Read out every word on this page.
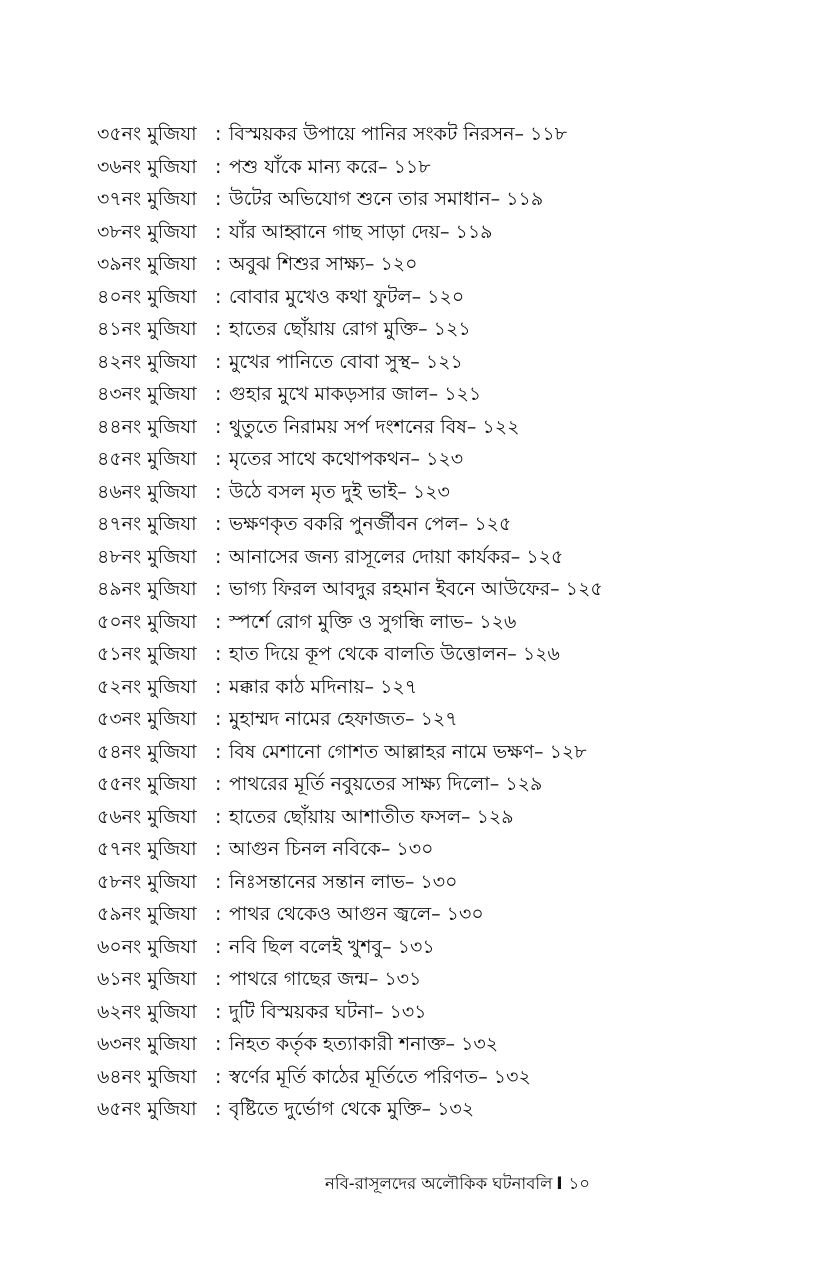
৩৫নং মুজিযা : বিস্ময়কর উপায়ে পানির সংকট নিরসন– ১১৮
৩৬নং মুজিযা : পশু যাঁকে মান্য করে– ১১৮
৩৭নং মুজিযা : উটের অভিযোগ শুনে তার সমাধান– ১১৯
৩৮নং মুজিযা : যাঁর আহ্বানে গাছ সাড়া দেয়– ১১৯
৩৯নং মুজিযা : অবুঝ শিশুর সাক্ষ্য– ১২০
৪০নং মুজিযা : বোবার মুখেও কথা ফুটল– ১২০
৪১নং মুজিযা : হাতের ছোঁয়ায় রোগ মুক্তি– ১২১
৪২নং মুজিযা : মুখের পানিতে বোবা সুস্থ– ১২১
৪৩নং মুজিযা : গুহার মুখে মাকড়সার জাল– ১২১
৪৪নং মুজিযা : থুতুতে নিরাময় সর্প দংশনের বিষ– ১২২
৪৫নং মুজিযা : মৃতের সাথে কথোপকথন– ১২৩
৪৬নং মুজিযা : উঠে বসল মৃত দুই ভাই– ১২৩
৪৭নং মুজিযা : ভক্ষণকৃত বকরি পুনর্জীবন পেল– ১২৫
৪৮নং মুজিযা : আনাসের জন্য রাসূলের দোয়া কার্যকর– ১২৫
৪৯নং মুজিযা : ভাগ্য ফিরল আবদুর রহমান ইবনে আউফের– ১২৫
৫০নং মুজিযা : স্পর্শে রোগ মুক্তি ও সুগন্ধি লাভ– ১২৬
৫১নং মুজিযা : হাত দিয়ে কূপ থেকে বালতি উত্তোলন– ১২৬
৫২নং মুজিযা : মক্কার কাঠ মদিনায়– ১২৭
৫৩নং মুজিযা : মুহাম্মদ নামের হেফাজত– ১২৭
৫৪নং মুজিযা : বিষ মেশানো গোশত আল্লাহর নামে ভক্ষণ– ১২৮
৫৫নং মুজিযা : পাথরের মূর্তি নবুয়তের সাক্ষ্য দিলো– ১২৯
৫৬নং মুজিযা : হাতের ছোঁয়ায় আশাতীত ফসল– ১২৯
৫৭নং মুজিযা : আগুন চিনল নবিকে– ১৩০
৫৮নং মুজিযা : নিঃসন্তানের সন্তান লাভ– ১৩০
৫৯নং মুজিযা : পাথর থেকেও আগুন জ্বলে– ১৩০
৬০নং মুজিযা : নবি ছিল বলেই খুশবু– ১৩১
৬১নং মুজিযা : পাথরে গাছের জন্ম– ১৩১
৬২নং মুজিযা : দুটি বিস্ময়কর ঘটনা– ১৩১
৬৩নং মুজিযা : নিহত কর্তৃক হত্যাকারী শনাক্ত– ১৩২
৬৪নং মুজিযা : স্বর্ণের মূর্তি কাঠের মূর্তিতে পরিণত– ১৩২
৬৫নং মুজিযা : বৃষ্টিতে দুর্ভোগ থেকে মুক্তি– ১৩২
নবি-রাসূলদের অলৌকিক ঘটনাবলি I ১০
